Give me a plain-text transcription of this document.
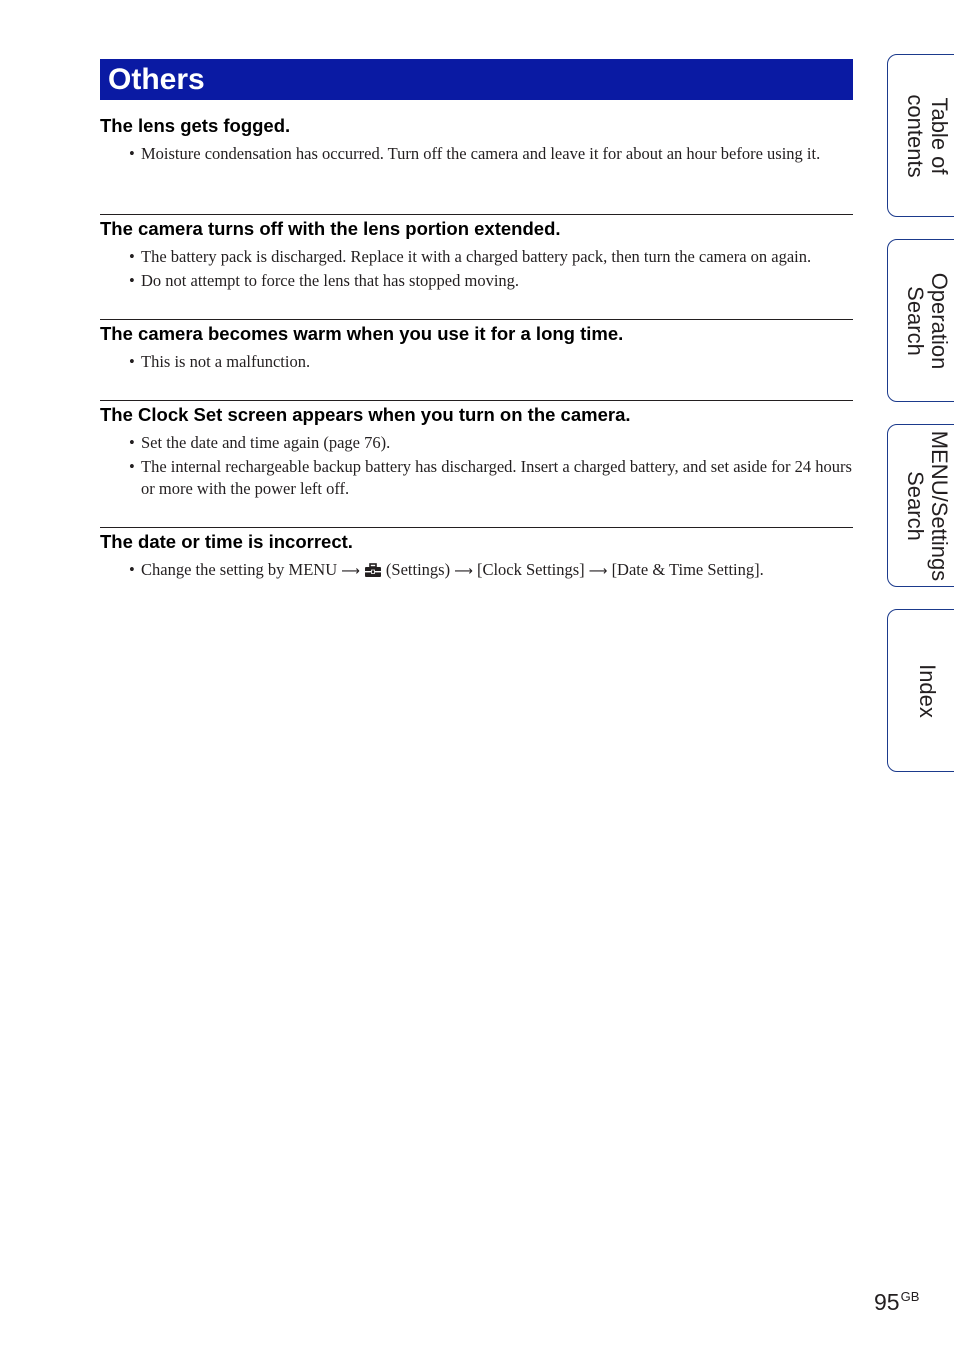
Others
The lens gets fogged.
• Moisture condensation has occurred. Turn off the camera and leave it for about an hour before using it.
The camera turns off with the lens portion extended.
• The battery pack is discharged. Replace it with a charged battery pack, then turn the camera on again.
• Do not attempt to force the lens that has stopped moving.
The camera becomes warm when you use it for a long time.
• This is not a malfunction.
The Clock Set screen appears when you turn on the camera.
• Set the date and time again (page 76).
• The internal rechargeable backup battery has discharged. Insert a charged battery, and set aside for 24 hours or more with the power left off.
The date or time is incorrect.
• Change the setting by MENU ⟶ (Settings) ⟶ [Clock Settings] ⟶ [Date & Time Setting].
Table of
contents
Operation
Search
MENU/Settings
Search
Index
$95^{GB}$
